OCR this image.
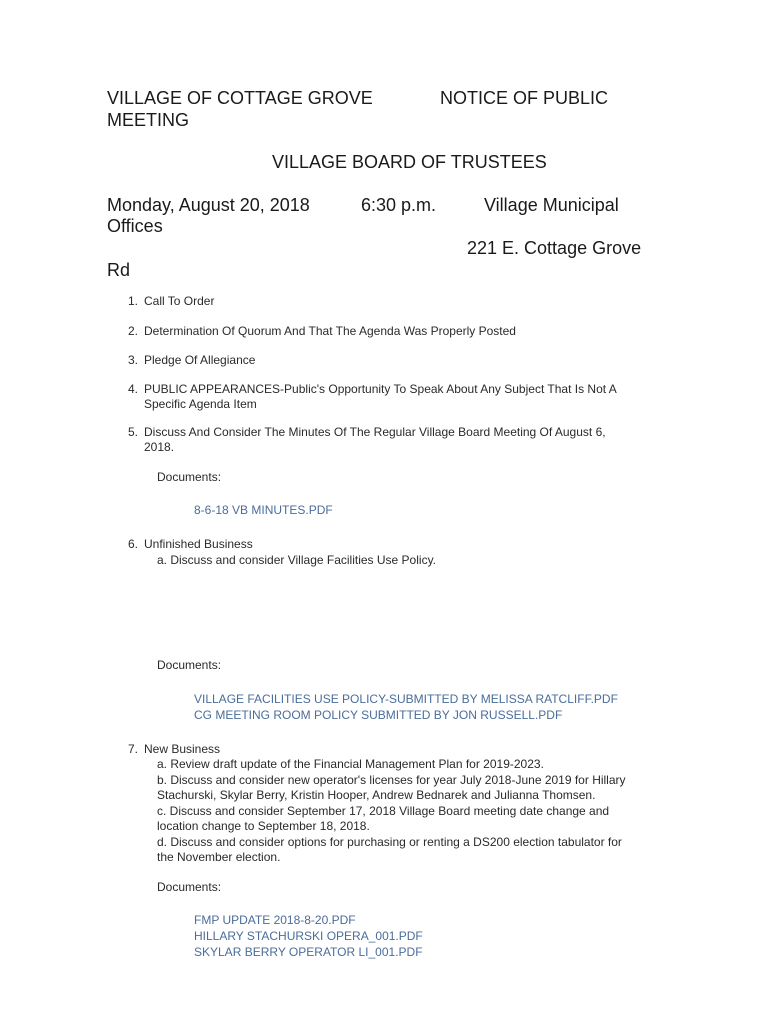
VILLAGE OF COTTAGE GROVE	NOTICE OF PUBLIC
MEETING
VILLAGE BOARD OF TRUSTEES
Monday, August 20, 2018	6:30 p.m.	Village Municipal
Offices
221 E. Cottage Grove
Rd
1. Call To Order
2. Determination Of Quorum And That The Agenda Was Properly Posted
3. Pledge Of Allegiance
4. PUBLIC APPEARANCES-Public's Opportunity To Speak About Any Subject That Is Not A
Specific Agenda Item
5. Discuss And Consider The Minutes Of The Regular Village Board Meeting Of August 6,
2018.
Documents:
8-6-18 VB MINUTES.PDF
6. Unfinished Business
a. Discuss and consider Village Facilities Use Policy.
Documents:
VILLAGE FACILITIES USE POLICY-SUBMITTED BY MELISSA RATCLIFF.PDF
CG MEETING ROOM POLICY SUBMITTED BY JON RUSSELL.PDF
7. New Business
a. Review draft update of the Financial Management Plan for 2019-2023.
b. Discuss and consider new operator's licenses for year July 2018-June 2019 for Hillary
Stachurski, Skylar Berry, Kristin Hooper, Andrew Bednarek and Julianna Thomsen.
c. Discuss and consider September 17, 2018 Village Board meeting date change and
location change to September 18, 2018.
d. Discuss and consider options for purchasing or renting a DS200 election tabulator for
the November election.
Documents:
FMP UPDATE 2018-8-20.PDF
HILLARY STACHURSKI OPERA_001.PDF
SKYLAR BERRY OPERATOR LI_001.PDF
